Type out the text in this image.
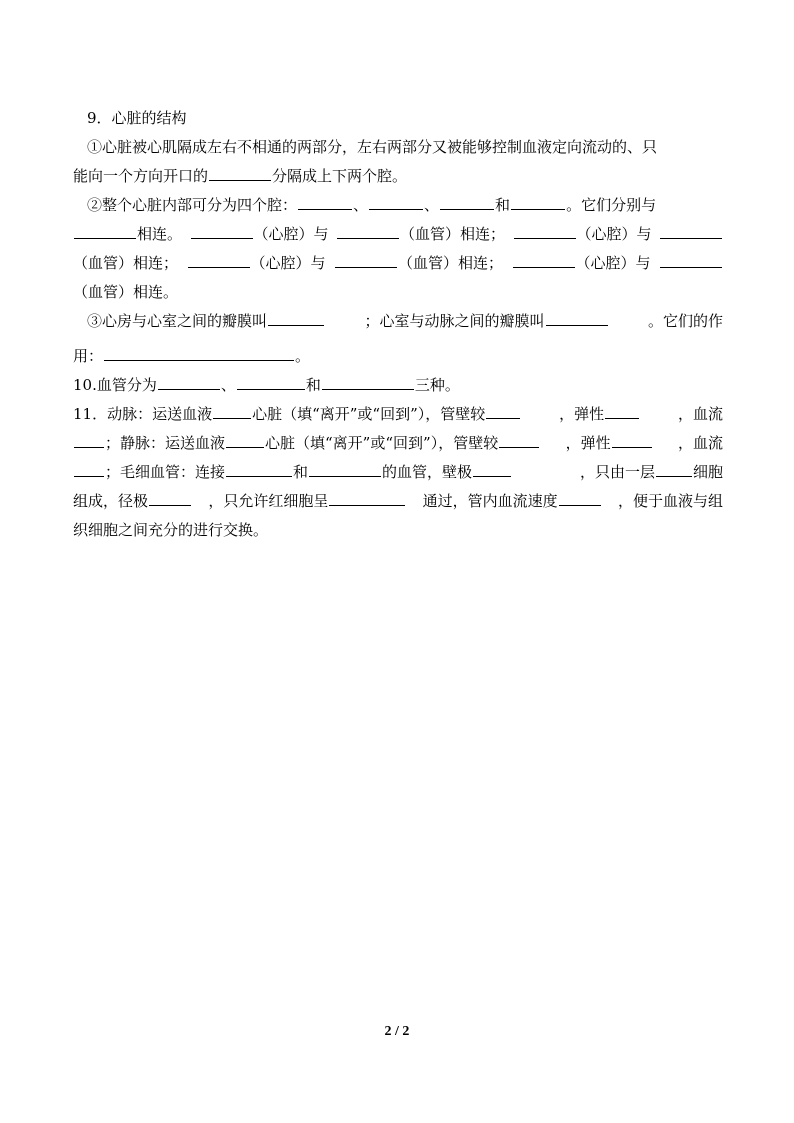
9．心脏的结构
①心脏被心肌隔成左右不相通的两部分，左右两部分又被能够控制血液定向流动的、只
能向一个方向开口的	分隔成上下两个腔。
②整个心脏内部可分为四个腔：	、	、	和	。它们分别与
相连。	（心腔）与	（血管）相连；	（心腔）与
（血管）相连；	（心腔）与	（血管）相连；	（心腔）与
（血管）相连。
③心房与心室之间的瓣膜叫	；心室与动脉之间的瓣膜叫	。它们的作
用：	。
10.血管分为	、	和	三种。
11．动脉：运送血液	心脏（填“离开”或“回到”），管壁较	，弹性	，血流
；静脉：运送血液	心脏（填“离开”或“回到”），管壁较	，弹性	，血流
；毛细血管：连接	和	的血管，壁极	，只由一层	细胞
组成，径极	，只允许红细胞呈	通过，管内血流速度	，便于血液与组
织细胞之间充分的进行交换。
2 / 2
